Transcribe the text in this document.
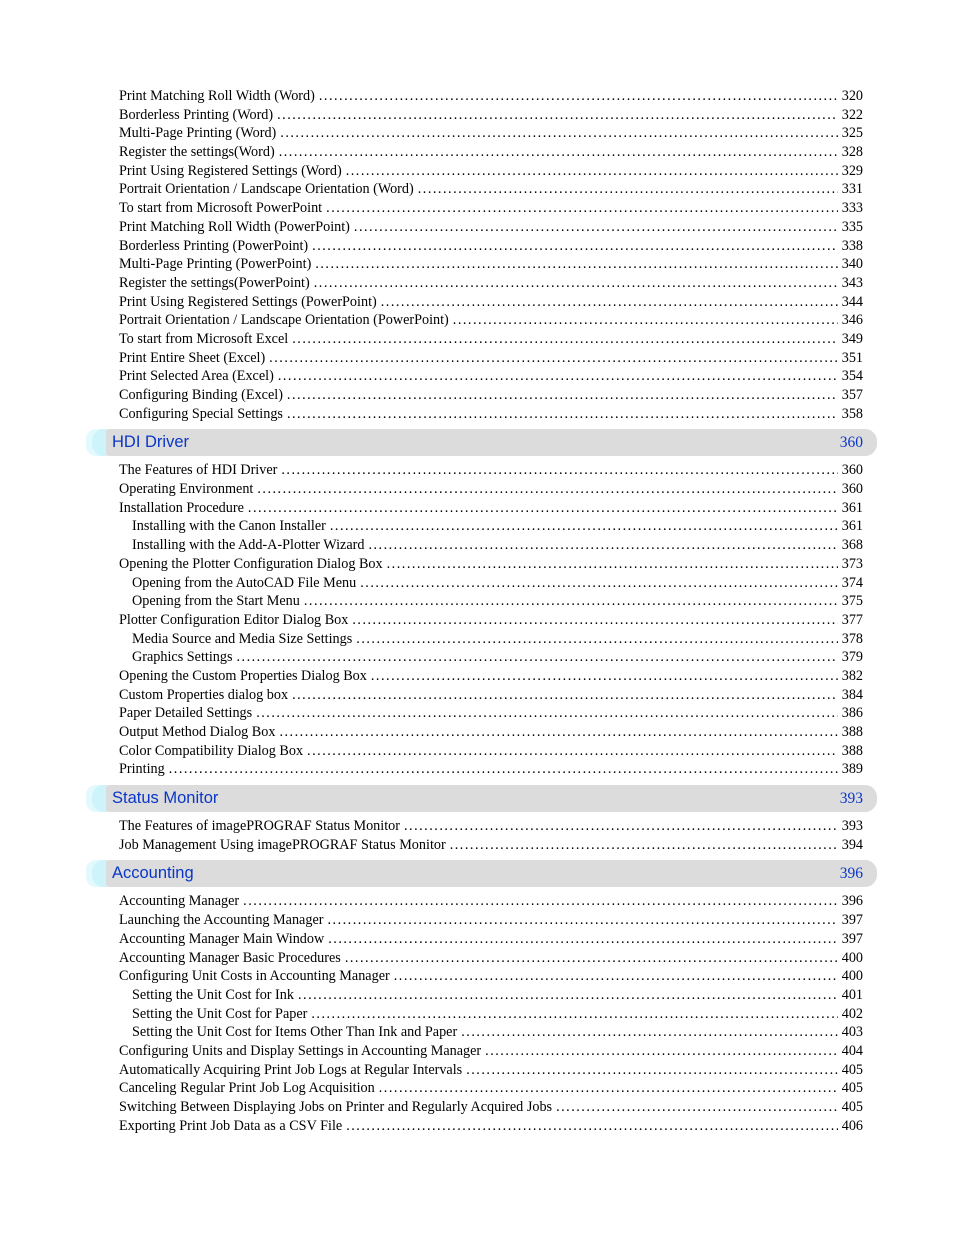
Print Matching Roll Width (Word) .....	320
Borderless Printing (Word) .....	322
Multi-Page Printing (Word) .....	325
Register the settings(Word) .....	328
Print Using Registered Settings (Word) .....	329
Portrait Orientation / Landscape Orientation (Word) .....	331
To start from Microsoft PowerPoint .....	333
Print Matching Roll Width (PowerPoint) .....	335
Borderless Printing (PowerPoint) .....	338
Multi-Page Printing (PowerPoint) .....	340
Register the settings(PowerPoint) .....	343
Print Using Registered Settings (PowerPoint) .....	344
Portrait Orientation / Landscape Orientation (PowerPoint) .....	346
To start from Microsoft Excel .....	349
Print Entire Sheet (Excel) .....	351
Print Selected Area (Excel) .....	354
Configuring Binding (Excel) .....	357
Configuring Special Settings .....	358
HDI Driver	360
The Features of HDI Driver .....	360
Operating Environment .....	360
Installation Procedure .....	361
Installing with the Canon Installer .....	361
Installing with the Add-A-Plotter Wizard .....	368
Opening the Plotter Configuration Dialog Box .....	373
Opening from the AutoCAD File Menu .....	374
Opening from the Start Menu .....	375
Plotter Configuration Editor Dialog Box .....	377
Media Source and Media Size Settings .....	378
Graphics Settings .....	379
Opening the Custom Properties Dialog Box .....	382
Custom Properties dialog box .....	384
Paper Detailed Settings .....	386
Output Method Dialog Box .....	388
Color Compatibility Dialog Box .....	388
Printing .....	389
Status Monitor	393
The Features of imagePROGRAF Status Monitor .....	393
Job Management Using imagePROGRAF Status Monitor .....	394
Accounting	396
Accounting Manager .....	396
Launching the Accounting Manager .....	397
Accounting Manager Main Window .....	397
Accounting Manager Basic Procedures .....	400
Configuring Unit Costs in Accounting Manager .....	400
Setting the Unit Cost for Ink .....	401
Setting the Unit Cost for Paper .....	402
Setting the Unit Cost for Items Other Than Ink and Paper .....	403
Configuring Units and Display Settings in Accounting Manager .....	404
Automatically Acquiring Print Job Logs at Regular Intervals .....	405
Canceling Regular Print Job Log Acquisition .....	405
Switching Between Displaying Jobs on Printer and Regularly Acquired Jobs .....	405
Exporting Print Job Data as a CSV File .....	406
